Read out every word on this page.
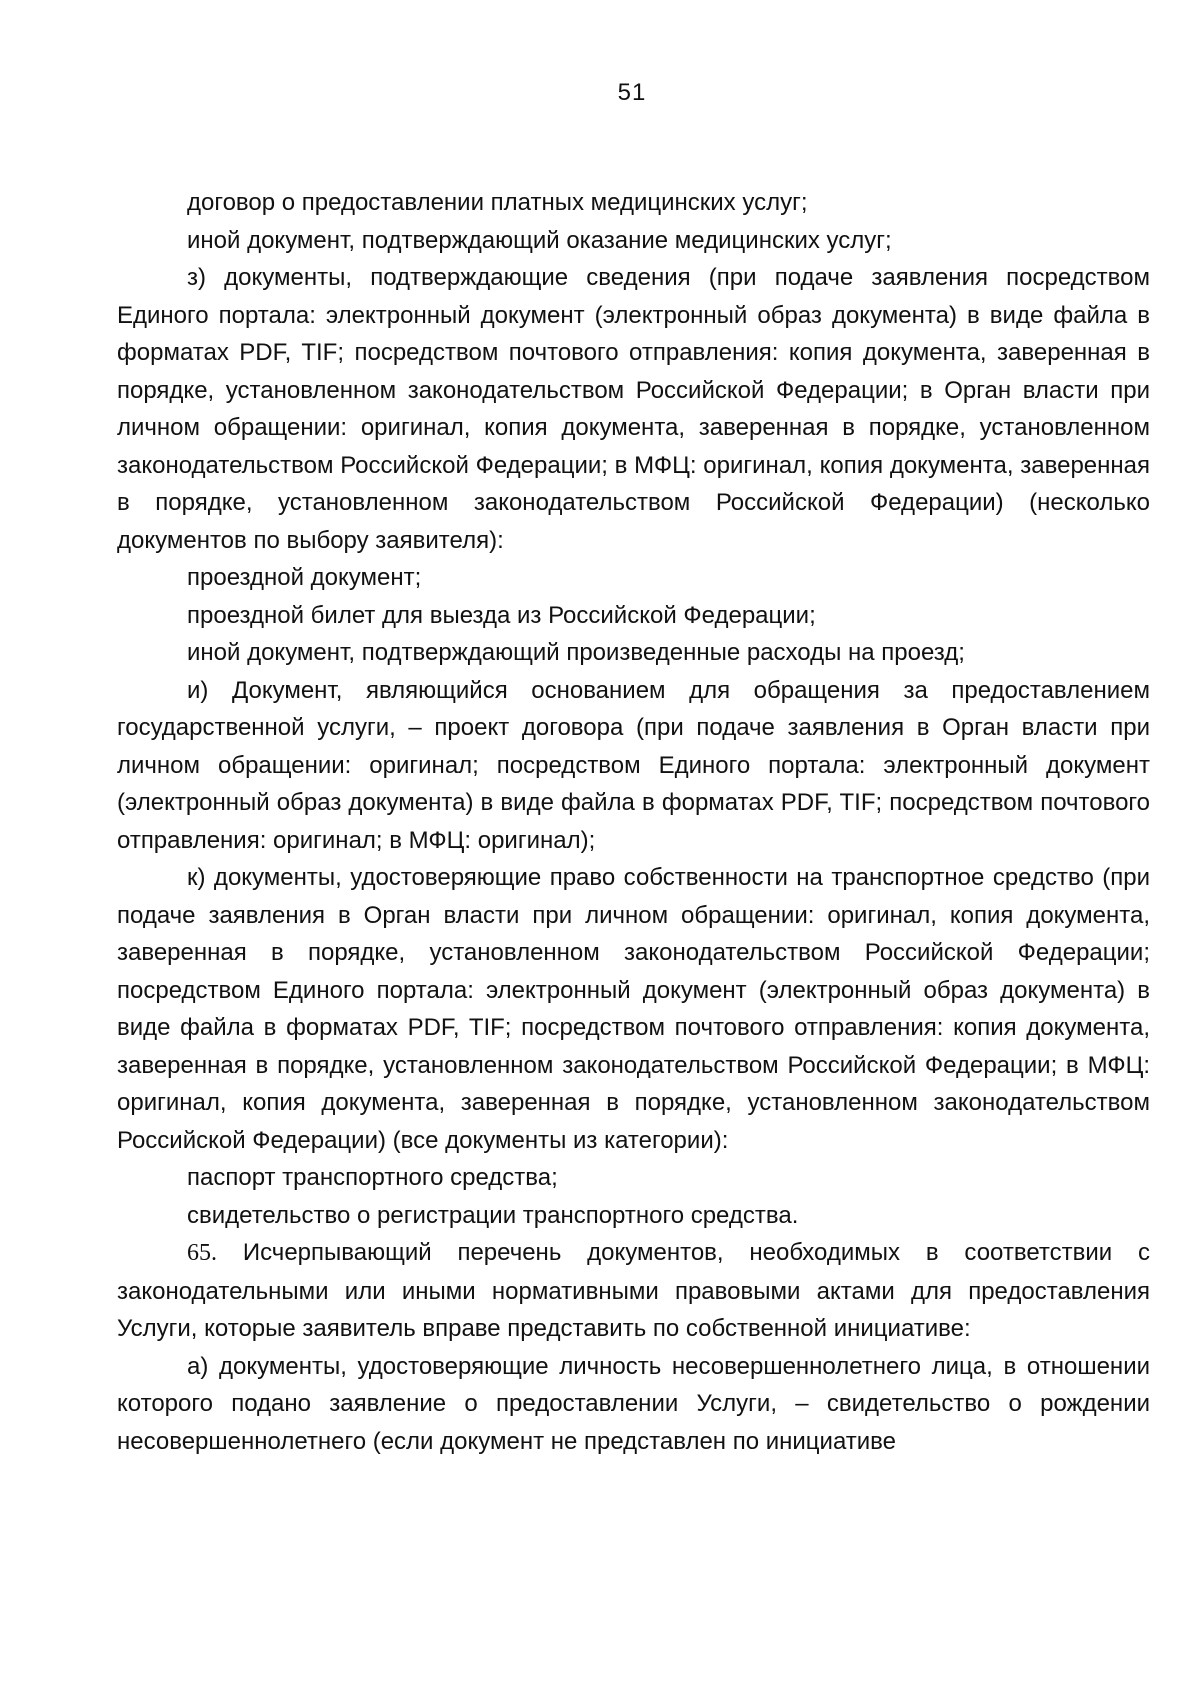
51

договор о предоставлении платных медицинских услуг;

иной документ, подтверждающий оказание медицинских услуг;

з) документы, подтверждающие сведения (при подаче заявления посредством Единого портала: электронный документ (электронный образ документа) в виде файла в форматах PDF, TIF; посредством почтового отправления: копия документа, заверенная в порядке, установленном законодательством Российской Федерации; в Орган власти при личном обращении: оригинал, копия документа, заверенная в порядке, установленном законодательством Российской Федерации; в МФЦ: оригинал, копия документа, заверенная в порядке, установленном законодательством Российской Федерации) (несколько документов по выбору заявителя):

проездной документ;

проездной билет для выезда из Российской Федерации;

иной документ, подтверждающий произведенные расходы на проезд;

и) Документ, являющийся основанием для обращения за предоставлением государственной услуги, – проект договора (при подаче заявления в Орган власти при личном обращении: оригинал; посредством Единого портала: электронный документ (электронный образ документа) в виде файла в форматах PDF, TIF; посредством почтового отправления: оригинал; в МФЦ: оригинал);

к) документы, удостоверяющие право собственности на транспортное средство (при подаче заявления в Орган власти при личном обращении: оригинал, копия документа, заверенная в порядке, установленном законодательством Российской Федерации; посредством Единого портала: электронный документ (электронный образ документа) в виде файла в форматах PDF, TIF; посредством почтового отправления: копия документа, заверенная в порядке, установленном законодательством Российской Федерации; в МФЦ: оригинал, копия документа, заверенная в порядке, установленном законодательством Российской Федерации) (все документы из категории):

паспорт транспортного средства;

свидетельство о регистрации транспортного средства.

65. Исчерпывающий перечень документов, необходимых в соответствии с законодательными или иными нормативными правовыми актами для предоставления Услуги, которые заявитель вправе представить по собственной инициативе:

а) документы, удостоверяющие личность несовершеннолетнего лица, в отношении которого подано заявление о предоставлении Услуги, – свидетельство о рождении несовершеннолетнего (если документ не представлен по инициативе
